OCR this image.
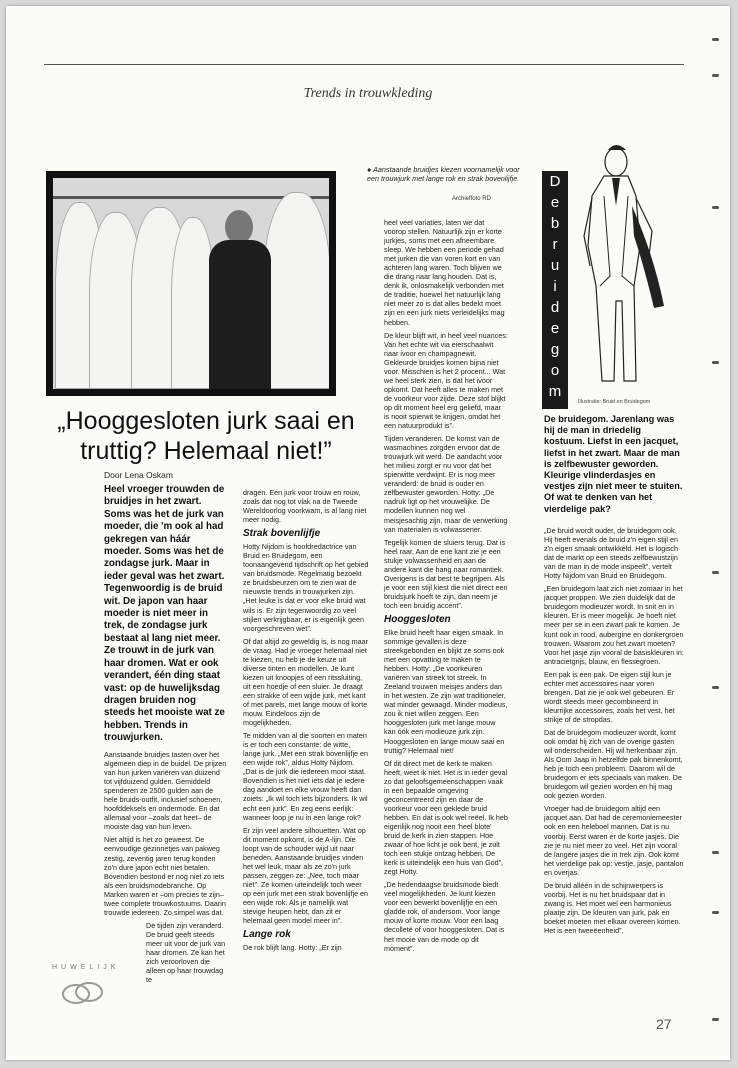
Trends in trouwkleding
● Aanstaande bruidjes kiezen voornamelijk voor een trouwjurk met lange rok en strak bovenlijfje.
Archieffoto RD
„Hooggesloten jurk saai en truttig? Helemaal niet!”
Door Lena Oskam
Heel vroeger trouwden de bruidjes in het zwart. Soms was het de jurk van moeder, die 'm ook al had gekregen van háár moeder. Soms was het de zondagse jurk. Maar in ieder geval was het zwart. Tegenwoordig is de bruid wit. De japon van haar moeder is niet meer in trek, de zondagse jurk bestaat al lang niet meer. Ze trouwt in de jurk van haar dromen. Wat er ook verandert, één ding staat vast: op de huwelijksdag dragen bruiden nog steeds het mooiste wat ze hebben. Trends in trouwjurken.

Aanstaande bruidjes tasten over het algemeen diep in de buidel. De prijzen van hun jurken variëren van duizend tot vijfduizend gulden. Gemiddeld spenderen ze 2500 gulden aan de hele bruids-outfit, inclusief schoenen, hoofddeksels en ondermode. En dat allemaal voor –zoals dat heet– de mooiste dag van hun leven.

Niet altijd is het zo geweest. De eenvoudige gezinnetjes van pakweg zestig, zeventig jaren terug konden zo'n dure japon echt niet betalen. Bovendien bestond er nog niet zo iets als een bruidsmodebranche. Op Marken waren er –om precies te zijn– twee complete trouwkostuums. Daarin trouwde iedereen. Zo simpel was dat.

De tijden zijn veranderd. De bruid geeft steeds meer uit voor de jurk van haar dromen. Ze kan het zich veroorloven die alleen op haar trouwdag te

dragen. Een jurk voor trouw en rouw, zoals dat nog tot vlak na de Tweede Wereldoorlog voorkwam, is al lang niet meer nodig.

Strak bovenlijfje

Hotty Nijdom is hoofdredactrice van Bruid en Bruidegom, een toonaangevend tijdschrift op het gebied van bruidsmode. Regelmatig bezoekt ze bruidsbeurzen om te zien wat de nieuwste trends in trouwjurken zijn. „Het leuke is dat er voor elke bruid wat wils is. Er zijn tegenwoordig zo veel stijlen verkrijgbaar, er is eigenlijk geen voorgeschreven wet”.

Of dat altijd zo geweldig is, is nog maar de vraag. Had je vroeger helemaal niet te kiezen, nu heb je de keuze uit diverse tinten en modellen. Je kunt kiezen uit knoopjes of een ritssluiting, uit een hoedje of een sluier. Je draagt een strakke of een wijde jurk, met kant of met parels, met lange mouw of korte mouw. Eindeloos zijn de mogelijkheden.

Te midden van al die soorten en maten is er toch een constante: de witte, lange jurk. „Met een strak bovenlijfje en een wijde rok”, aldus Hotty Nijdom. „Dat is de jurk die iedereen mooi staat. Bovendien is het niet iets dat je iedere dag aandoet en elke vrouw heeft dan zoiets: „Ik wil toch iets bijzonders. Ik wil echt een jurk”. En zeg eens eerlijk: wanneer loop je nu in een lange rok?

Er zijn veel andere silhouetten. Wat op dit moment opkomt, is de A-lijn. Die loopt van de schouder wijd uit naar beneden. Aanstaande bruidjes vinden het wel leuk, maar als ze zo'n jurk passen, zeggen ze: „Nee, toch maar niet”. Ze komen uiteindelijk toch weer op een jurk met een strak bovenlijfje en een wijde rok. Als je namelijk wat stevige heupen hebt, dan zit er helemaal geen model meer in”.

Lange rok

De rok blijft lang. Hotty: „Er zijn

heel veel variaties, laten we dat voorop stellen. Natuurlijk zijn er korte jurkjes, soms met een afneembare sleep. We hebben een periode gehad met jurken die van voren kort en van achteren lang waren. Toch blijven we die drang naar lang houden. Dat is, denk ik, onlosmakelijk verbonden met de traditie, hoewel het natuurlijk lang niet meer zo is dat alles bedekt moet zijn en een jurk niets verleidelijks mag hebben.

De kleur blijft wit, in heel veel nuances: Van het echte wit via eierschaalwit naar ivoor en champagnewit. Gekleurde bruidjes komen bijna niet voor. Misschien is het 2 procent... Wat we heel sterk zien, is dat het ivoor opkomt. Dat heeft alles te maken met de voorkeur voor zijde. Deze stof blijkt op dit moment heel erg geliefd, maar is nooit spierwit te krijgen, omdat het een natuurprodukt is”.

Tijden veranderen. De komst van de wasmachines zorgden ervoor dat de trouwjurk wit werd. De aandacht voor het milieu zorgt er nu voor dat het spierwitte verdwijnt. Er is nog meer veranderd: de bruid is ouder en zelfbewuster geworden. Hotty: „De nadruk ligt op het vrouwelijke. De modellen kunnen nog wel meisjesachtig zijn, maar de verwerking van materialen is volwassener.

Tegelijk komen de sluiers terug. Dat is heel raar. Aan de ene kant zie je een stukje volwassenheid en aan de andere kant die hang naar romantiek. Overigens is dat best te begrijpen. Als je voor een stijl kiest die niet direct een bruidsjurk hoeft te zijn, dan neem je toch een bruidig accent”.

Hooggesloten

Elke bruid heeft haar eigen smaak. In sommige gevallen is deze streekgebonden en blijkt ze soms ook met een opvatting te maken te hebben. Hotty: „De voorkeuren variëren van streek tot streek. In Zeeland trouwen meisjes anders dan in het westen. Ze zijn wat traditioneler, wat minder gewaagd. Minder modieus, zou ik niet willen zeggen. Een hooggesloten jurk met lange mouw kan óók een modieuze jurk zijn. Hooggesloten en lange mouw saai en truttig? Helemaal niet!

Of dit direct met de kerk te maken heeft, weet ik niet. Het is in ieder geval zo dat geloofsgemeenschappen vaak in een bepaalde omgeving geconcentreerd zijn en daar de voorkeur voor een geklede bruid hebben. En dat is ook wel reëel. Ik heb eigenlijk nog nooit een 'heel blote' bruid de kerk in zien stappen. Hoe zwaar of hoe licht je ook bent, je zult toch een stukje ontzag hebben. De kerk is uiteindelijk een huis van God”, zegt Hotty.

„De hedendaagse bruidsmode biedt veel mogelijkheden. Je kunt kiezen voor een bewerkt bovenlijfje en een gladde rok, of andersom. Voor lange mouw of korte mouw. Voor een laag decolleté of voor hooggesloten. Dat is het mooie van de mode op dit moment”.

D
e
b
r
u
i
d
e
g
o
m
Illustratie: Bruid en Bruidegom
De bruidegom. Jarenlang was hij de man in driedelig kostuum. Liefst in een jacquet, liefst in het zwart. Maar de man is zelfbewuster geworden. Kleurige vlinderdasjes en vestjes zijn niet meer te stuiten. Of wat te denken van het vierdelige pak?

„De bruid wordt ouder, de bruidegom ook. Hij heeft evenals de bruid z'n eigen stijl en z'n eigen smaak ontwikkeld. Het is logisch dat de markt op een steeds zelfbewustzijn van de man in de mode inspeelt”, vertelt Hotty Nijdom van Bruid en Bruidegom.

„Een bruidegom laat zich niet zomaar in het jacquet proppen. We zien duidelijk dat de bruidegom modieuzer wordt. In snit en in kleuren. Er is meer mogelijk. Je hoeft niet meer per se in een zwart pak te komen. Je kunt ook in rood, aubergine en donkergroen trouwen. Waarom zou het zwart moeten? Voor het jasje zijn vooral de basiskleuren in: antracietgrijs, blauw, en flessegroen.

Een pak is een pak. De eigen stijl kun je echter met accessoires naar voren brengen. Dat zie je ook wel gebeuren. Er wordt steeds meer gecombineerd in kleurrijke accessoires, zoals het vest, het strikje of de stropdas.

Dat de bruidegom modieuzer wordt, komt ook omdat hij zich van de overige gasten wil onderscheiden. Hij wil herkenbaar zijn. Als Oom Jaap in hetzelfde pak binnenkomt, heb je toch een probleem. Daarom wil de bruidegom er iets speciaals van maken. De bruidegom wil gezien worden en hij mag ook gezien worden.

Vroeger had de bruidegom altijd een jacquet aan. Dat had de ceremoniemeester ook en een heleboel mannen. Dat is nu voorbij. Eerst waren er de korte jasjes. Die zie je nu niet meer zo veel. Het zijn vooral de langere jasjes die in trek zijn. Ook komt het vierdelige pak op: vestje, jasje, pantalon en overjas.

De bruid alléén in de schijnwerpers is voorbij. Het is nu het bruidspaar dat in zwang is. Het moet wel een harmonieus plaatje zijn. De kleuren van jurk, pak en boeket moeten met elkaar overeen komen. Het is een tweeëenheid”.

HUWELIJK
27
